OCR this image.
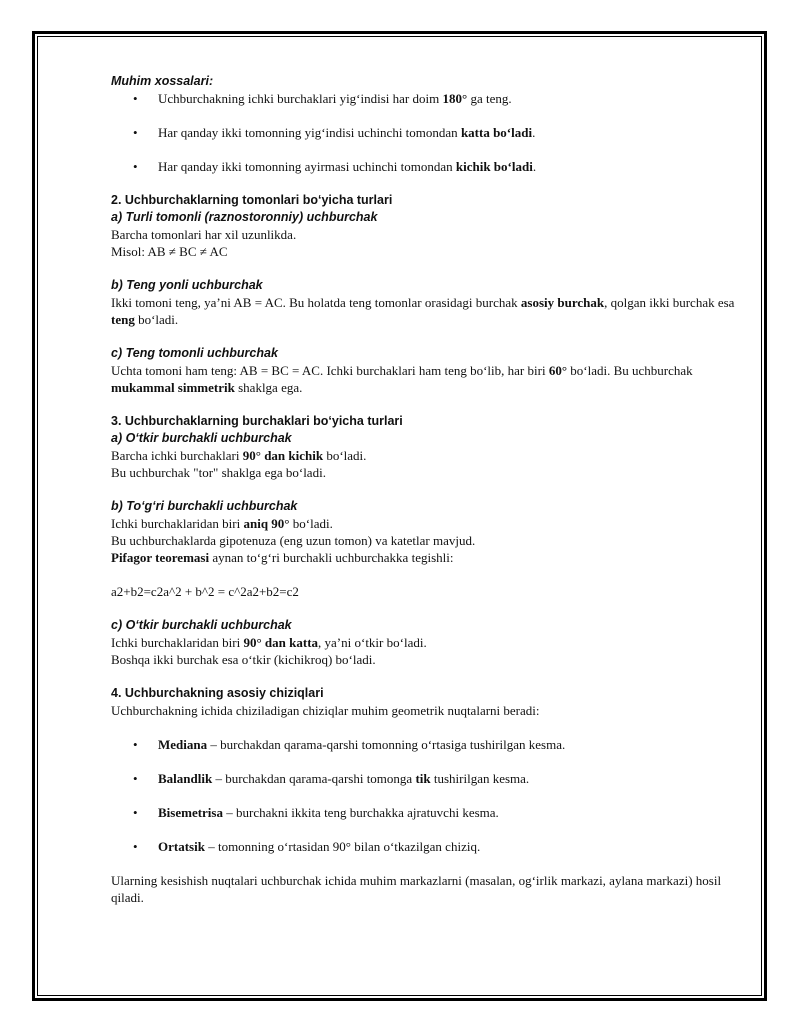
Muhim xossalari:

• Uchburchakning ichki burchaklari yig‘indisi har doim 180° ga teng.
• Har qanday ikki tomonning yig‘indisi uchinchi tomondan katta bo‘ladi.
• Har qanday ikki tomonning ayirmasi uchinchi tomondan kichik bo‘ladi.

2. Uchburchaklarning tomonlari bo‘yicha turlari

a) Turli tomonli (raznostoronniy) uchburchak

Barcha tomonlari har xil uzunlikda.

Misol: AB ≠ BC ≠ AC

b) Teng yonli uchburchak

Ikki tomoni teng, ya’ni AB = AC. Bu holatda teng tomonlar orasidagi burchak asosiy burchak, qolgan ikki burchak esa teng bo‘ladi.

c) Teng tomonli uchburchak

Uchta tomoni ham teng: AB = BC = AC. Ichki burchaklari ham teng bo‘lib, har biri 60° bo‘ladi. Bu uchburchak mukammal simmetrik shaklga ega.

3. Uchburchaklarning burchaklari bo‘yicha turlari

a) O‘tkir burchakli uchburchak

Barcha ichki burchaklari 90° dan kichik bo‘ladi.

Bu uchburchak "tor" shaklga ega bo‘ladi.

b) To‘g‘ri burchakli uchburchak

Ichki burchaklaridan biri aniq 90° bo‘ladi.

Bu uchburchaklarda gipotenuza (eng uzun tomon) va katetlar mavjud.

Pifagor teoremasi aynan to‘g‘ri burchakli uchburchakka tegishli:

a2+b2=c2a^2 + b^2 = c^2a2+b2=c2

c) O‘tkir burchakli uchburchak

Ichki burchaklaridan biri 90° dan katta, ya’ni o‘tkir bo‘ladi.

Boshqa ikki burchak esa o‘tkir (kichikroq) bo‘ladi.

4. Uchburchakning asosiy chiziqlari

Uchburchakning ichida chiziladigan chiziqlar muhim geometrik nuqtalarni beradi:

• Mediana – burchakdan qarama-qarshi tomonning o‘rtasiga tushirilgan kesma.
• Balandlik – burchakdan qarama-qarshi tomonga tik tushirilgan kesma.
• Bisemetrisa – burchakni ikkita teng burchakka ajratuvchi kesma.
• Ortatsik – tomonning o‘rtasidan 90° bilan o‘tkazilgan chiziq.

Ularning kesishish nuqtalari uchburchak ichida muhim markazlarni (masalan, og‘irlik markazi, aylana markazi) hosil qiladi.
